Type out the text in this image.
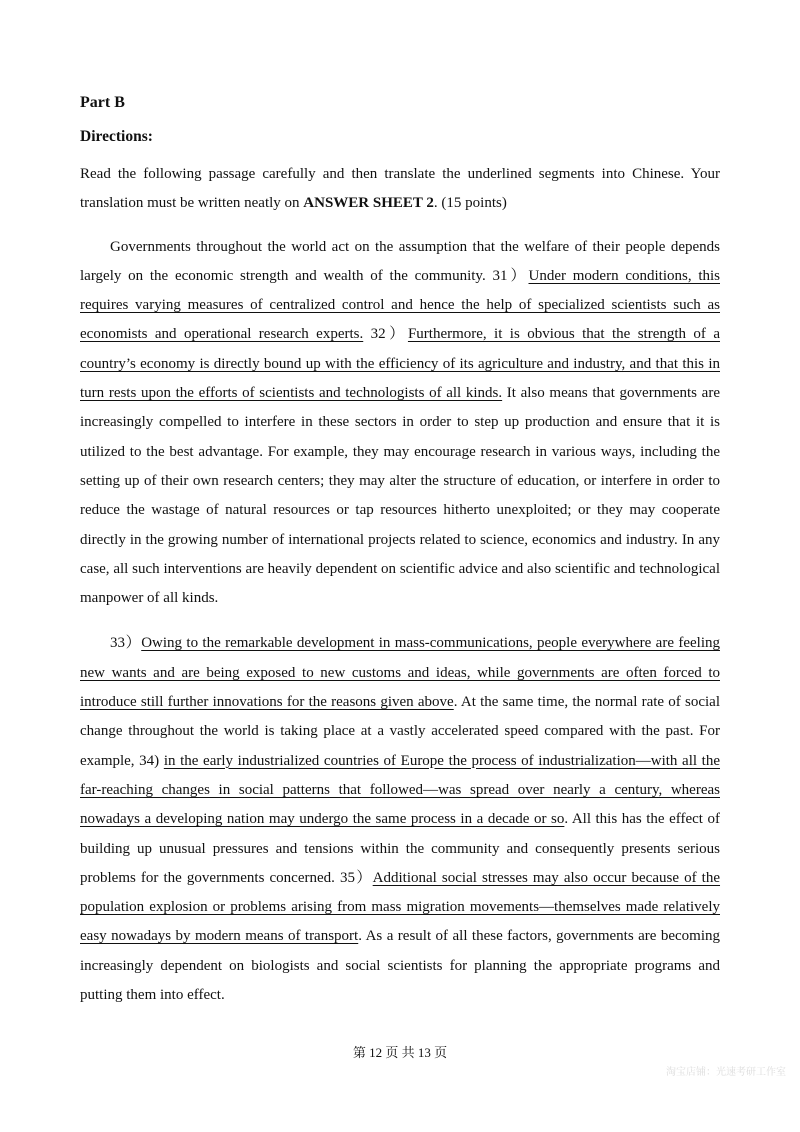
Part B
Directions:

Read the following passage carefully and then translate the underlined segments into Chinese. Your translation must be written neatly on ANSWER SHEET 2. (15 points)

Governments throughout the world act on the assumption that the welfare of their people depends largely on the economic strength and wealth of the community. 31）Under modern conditions, this requires varying measures of centralized control and hence the help of specialized scientists such as economists and operational research experts. 32）Furthermore, it is obvious that the strength of a country’s economy is directly bound up with the efficiency of its agriculture and industry, and that this in turn rests upon the efforts of scientists and technologists of all kinds. It also means that governments are increasingly compelled to interfere in these sectors in order to step up production and ensure that it is utilized to the best advantage. For example, they may encourage research in various ways, including the setting up of their own research centers; they may alter the structure of education, or interfere in order to reduce the wastage of natural resources or tap resources hitherto unexploited; or they may cooperate directly in the growing number of international projects related to science, economics and industry. In any case, all such interventions are heavily dependent on scientific advice and also scientific and technological manpower of all kinds.

33）Owing to the remarkable development in mass-communications, people everywhere are feeling new wants and are being exposed to new customs and ideas, while governments are often forced to introduce still further innovations for the reasons given above. At the same time, the normal rate of social change throughout the world is taking place at a vastly accelerated speed compared with the past. For example, 34) in the early industrialized countries of Europe the process of industrialization—with all the far-reaching changes in social patterns that followed—was spread over nearly a century, whereas nowadays a developing nation may undergo the same process in a decade or so. All this has the effect of building up unusual pressures and tensions within the community and consequently presents serious problems for the governments concerned. 35）Additional social stresses may also occur because of the population explosion or problems arising from mass migration movements—themselves made relatively easy nowadays by modern means of transport. As a result of all these factors, governments are becoming increasingly dependent on biologists and social scientists for planning the appropriate programs and putting them into effect.

第 12 页 共 13 页
淘宝店铺：光速考研工作室
